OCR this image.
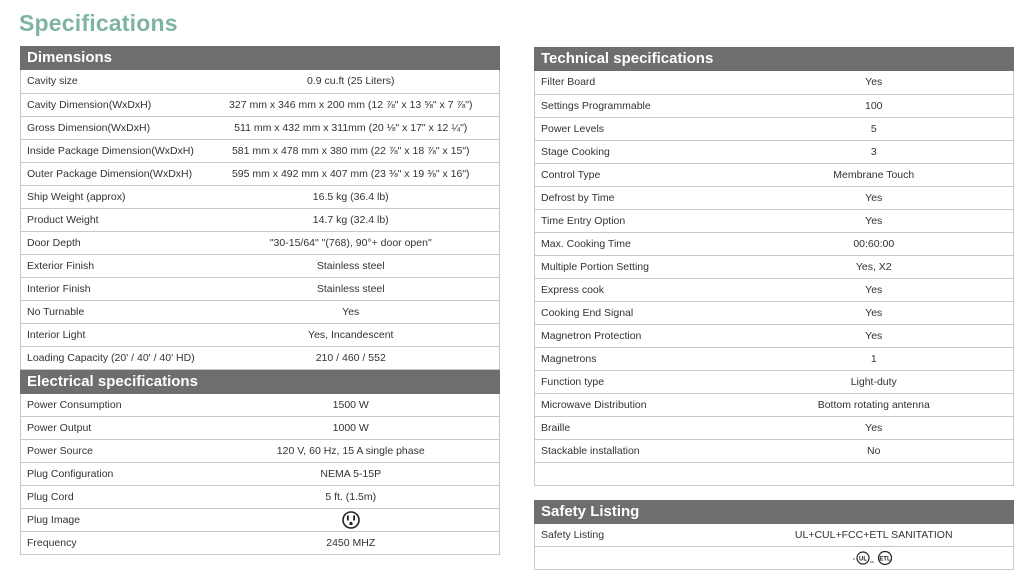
Specifications
Dimensions
Cavity size	0.9 cu.ft (25 Liters)
Cavity Dimension(WxDxH)	327 mm x 346 mm x 200 mm (12 ⅞" x 13 ⅝" x 7 ⅞")
Gross Dimension(WxDxH)	511 mm x 432 mm x 311mm (20 ⅛" x 17" x 12 ¼")
Inside Package Dimension(WxDxH)	581 mm x 478 mm x 380 mm (22 ⅞" x 18 ⅞" x 15")
Outer Package Dimension(WxDxH)	595 mm x 492 mm x 407 mm (23 ⅜" x 19 ⅜" x 16")
Ship Weight (approx)	16.5 kg (36.4 lb)
Product Weight	14.7 kg (32.4 lb)
Door Depth	"30-15/64" "(768), 90°+ door open"
Exterior Finish	Stainless steel
Interior Finish	Stainless steel
No Turnable	Yes
Interior Light	Yes, Incandescent
Loading Capacity (20' / 40' / 40' HD)	210 / 460 / 552
Electrical specifications
Power Consumption	1500 W
Power Output	1000 W
Power Source	120 V, 60 Hz, 15 A single phase
Plug Configuration	NEMA 5-15P
Plug Cord	5 ft. (1.5m)
Plug Image	
Frequency	2450 MHZ
Technical specifications
Filter Board	Yes
Settings Programmable	100
Power Levels	5
Stage Cooking	3
Control Type	Membrane Touch
Defrost by Time	Yes
Time Entry Option	Yes
Max. Cooking Time	00:60:00
Multiple Portion Setting	Yes, X2
Express cook	Yes
Cooking End Signal	Yes
Magnetron Protection	Yes
Magnetrons	1
Function type	Light-duty
Microwave Distribution	Bottom rotating antenna
Braille	Yes
Stackable installation	No
Safety Listing
Safety Listing	UL+CUL+FCC+ETL SANITATION

c UL us ETL
